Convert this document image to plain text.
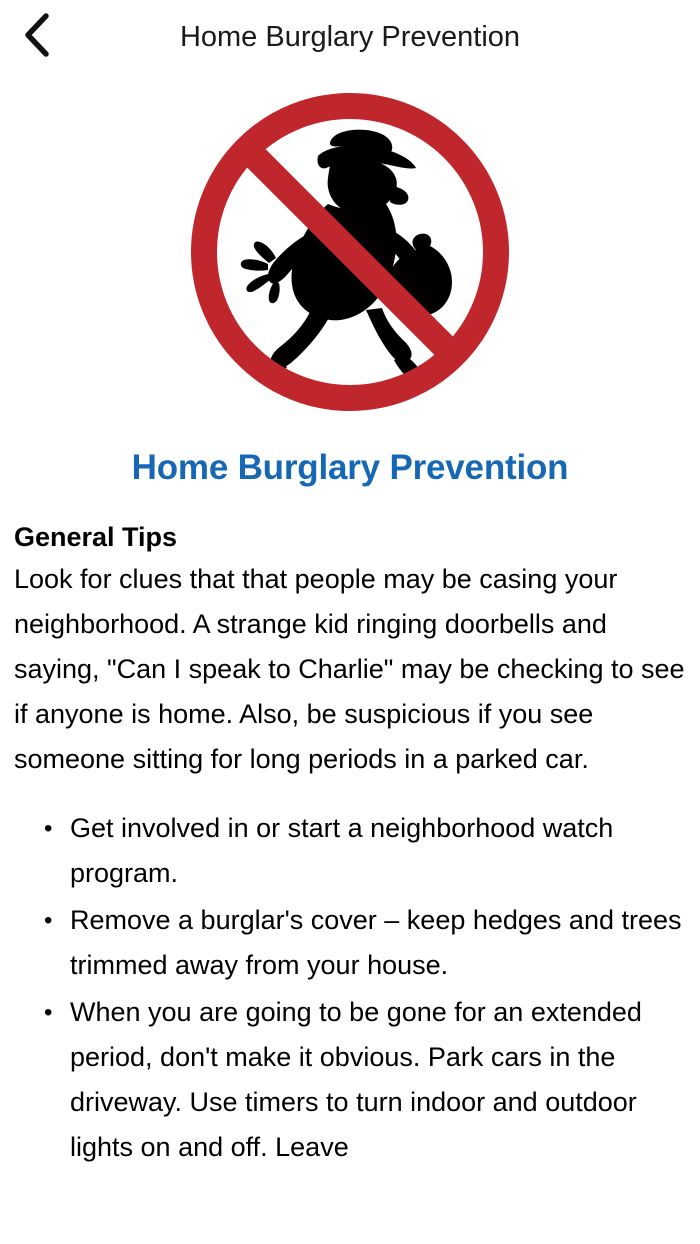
Home Burglary Prevention
Home Burglary Prevention
General Tips

Look for clues that that people may be casing your neighborhood. A strange kid ringing doorbells and saying, "Can I speak to Charlie" may be checking to see if anyone is home. Also, be suspicious if you see someone sitting for long periods in a parked car.

• Get involved in or start a neighborhood watch program.
• Remove a burglar's cover – keep hedges and trees trimmed away from your house.
• When you are going to be gone for an extended period, don't make it obvious. Park cars in the driveway. Use timers to turn indoor and outdoor lights on and off. Leave
